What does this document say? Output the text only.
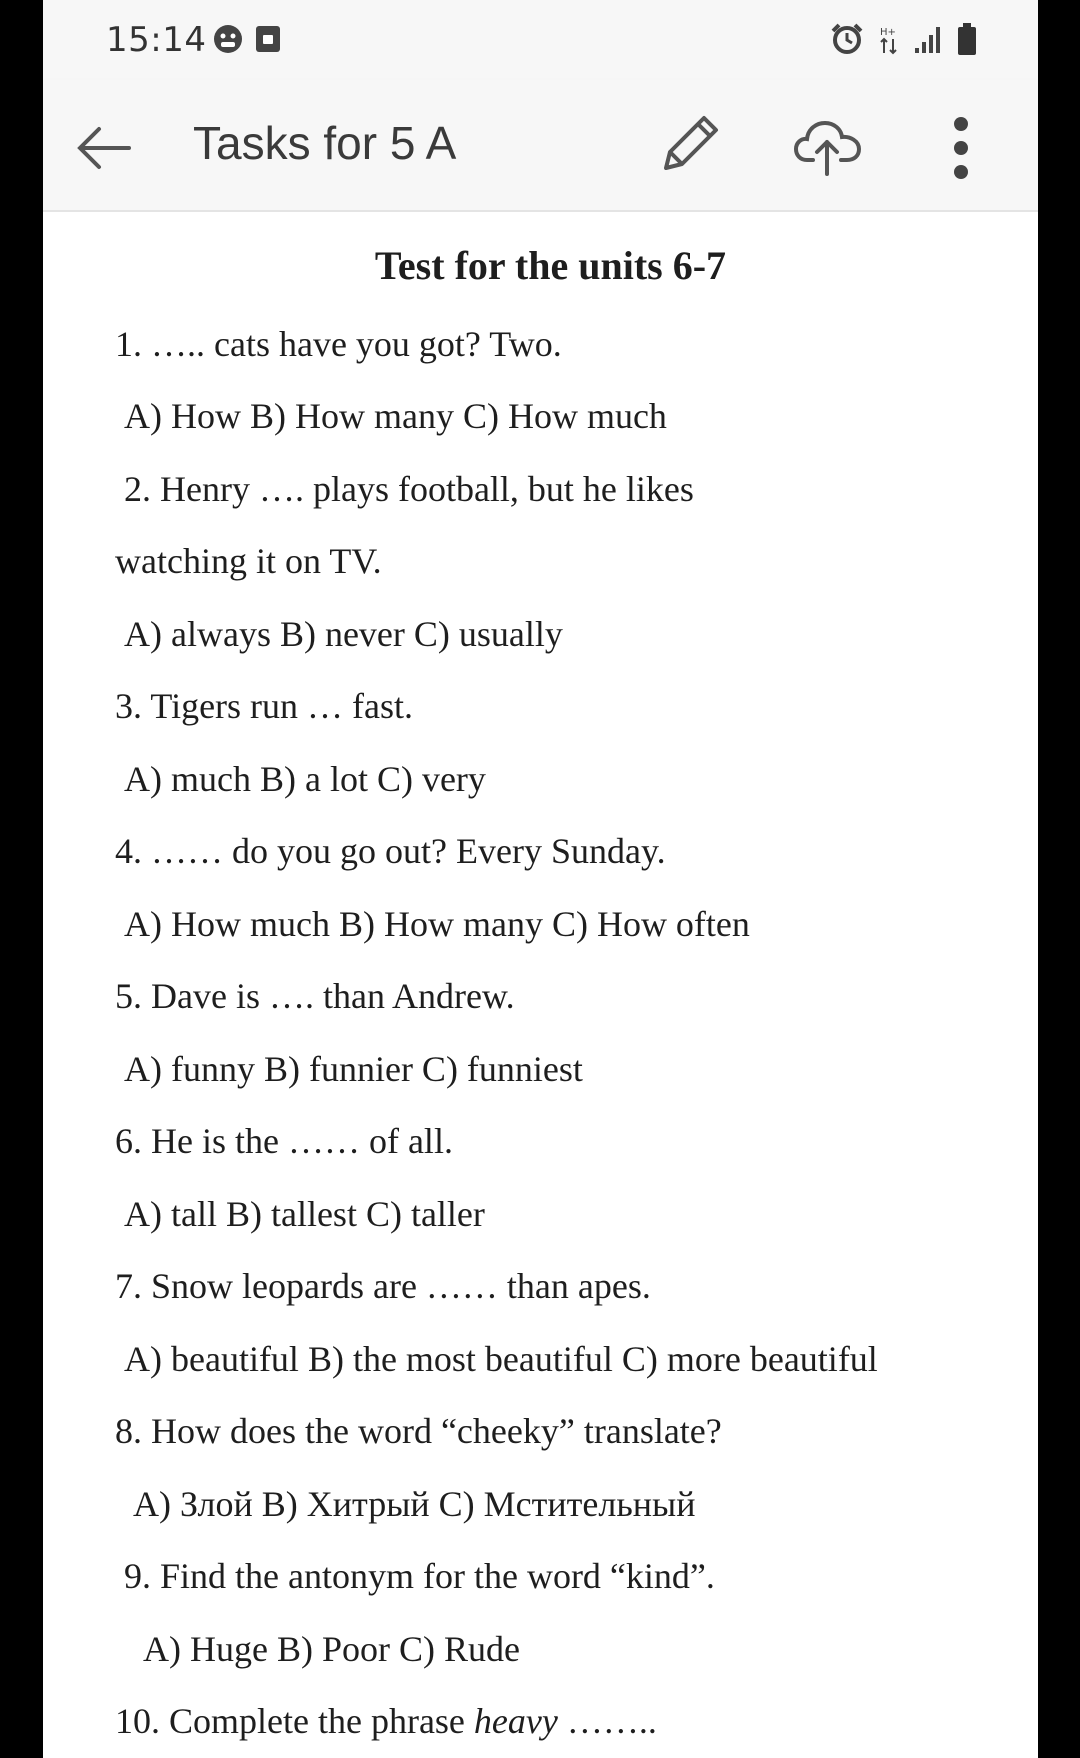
15:14	H+
Tasks for 5 A
Test for the units 6-7
1. ….. cats have you got? Two.
A) How B) How many C) How much
2. Henry …. plays football, but he likes
watching it on TV.
A) always B) never C) usually
3. Tigers run … fast.
A) much B) a lot C) very
4. …… do you go out? Every Sunday.
A) How much B) How many C) How often
5. Dave is …. than Andrew.
A) funny B) funnier C) funniest
6. He is the …… of all.
A) tall B) tallest C) taller
7. Snow leopards are …… than apes.
A) beautiful B) the most beautiful C) more beautiful
8. How does the word “cheeky” translate?
A) Злой B) Хитрый C) Мстительный
9. Find the antonym for the word “kind”.
A) Huge B) Poor C) Rude
10. Complete the phrase heavy ……..
